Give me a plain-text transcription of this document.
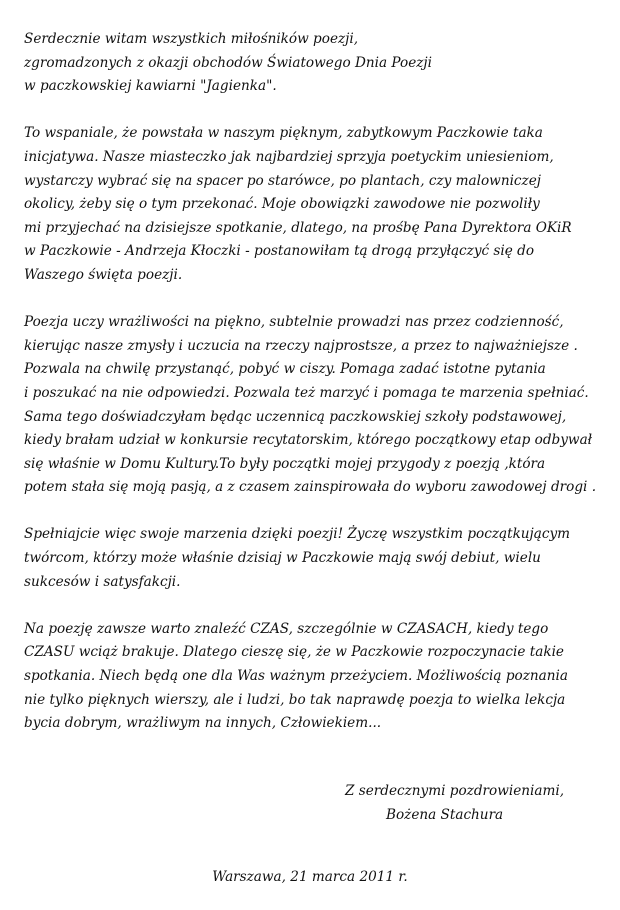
Serdecznie witam wszystkich miłośników poezji,
zgromadzonych z okazji obchodów Światowego Dnia Poezji
w paczkowskiej kawiarni "Jagienka".
To wspaniale, że powstała w naszym pięknym, zabytkowym Paczkowie taka
inicjatywa. Nasze miasteczko jak najbardziej sprzyja poetyckim uniesieniom,
wystarczy wybrać się na spacer po starówce, po plantach, czy malowniczej
okolicy, żeby się o tym przekonać. Moje obowiązki zawodowe nie pozwoliły
mi przyjechać na dzisiejsze spotkanie, dlatego, na prośbę Pana Dyrektora OKiR
w Paczkowie - Andrzeja Kłoczki - postanowiłam tą drogą przyłączyć się do
Waszego święta poezji.
Poezja uczy wrażliwości na piękno, subtelnie prowadzi nas przez codzienność,
kierując nasze zmysły i uczucia na rzeczy najprostsze, a przez to najważniejsze .
Pozwala na chwilę przystanąć, pobyć w ciszy. Pomaga zadać istotne pytania
i poszukać na nie odpowiedzi. Pozwala też marzyć i pomaga te marzenia spełniać.
Sama tego doświadczyłam będąc uczennicą paczkowskiej szkoły podstawowej,
kiedy brałam udział w konkursie recytatorskim, którego początkowy etap odbywał
się właśnie w Domu Kultury.To były początki mojej przygody z poezją ,która
potem stała się moją pasją, a z czasem zainspirowała do wyboru zawodowej drogi .
Spełniajcie więc swoje marzenia dzięki poezji! Życzę wszystkim początkującym
twórcom, którzy może właśnie dzisiaj w Paczkowie mają swój debiut, wielu
sukcesów i satysfakcji.
Na poezję zawsze warto znaleźć CZAS, szczególnie w CZASACH, kiedy tego
CZASU wciąż brakuje. Dlatego cieszę się, że w Paczkowie rozpoczynacie takie
spotkania. Niech będą one dla Was ważnym przeżyciem. Możliwością poznania
nie tylko pięknych wierszy, ale i ludzi, bo tak naprawdę poezja to wielka lekcja
bycia dobrym, wrażliwym na innych, Człowiekiem...
Z serdecznymi pozdrowieniami,
Bożena Stachura
Warszawa, 21 marca 2011 r.
